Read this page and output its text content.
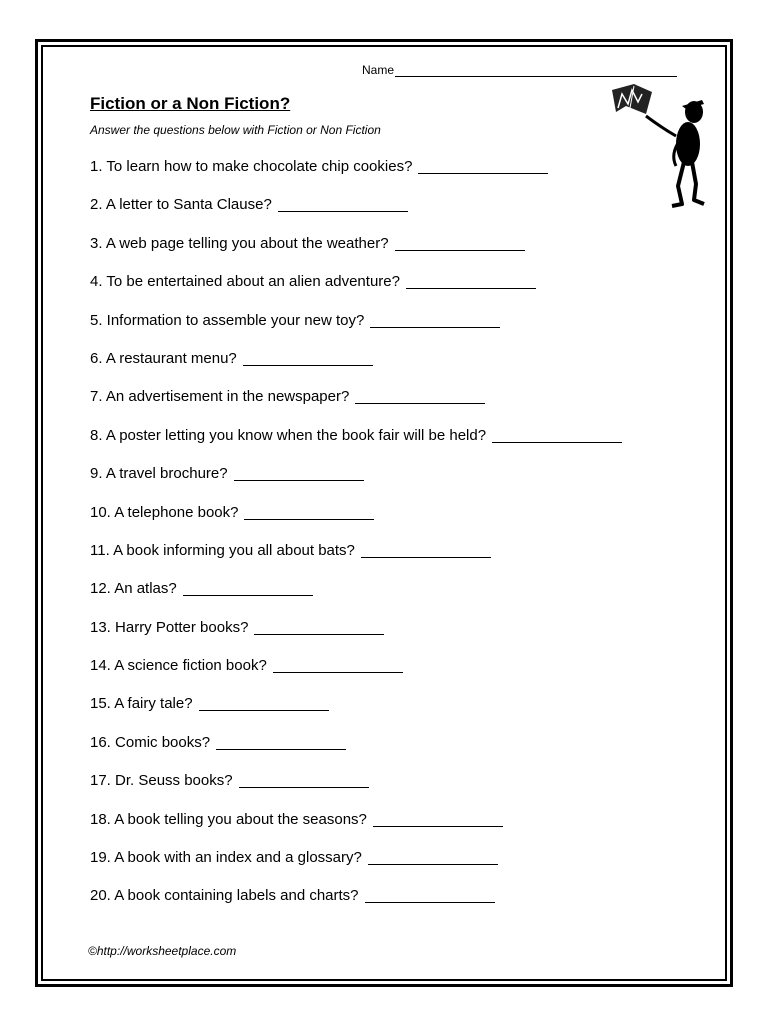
Name
Fiction or a Non Fiction?

Answer the questions below with Fiction or Non Fiction

1. To learn how to make chocolate chip cookies?
2. A letter to Santa Clause?
3. A web page telling you about the weather?
4. To be entertained about an alien adventure?
5. Information to assemble your new toy?
6. A restaurant menu?
7. An advertisement in the newspaper?
8. A poster letting you know when the book fair will be held?
9. A travel brochure?
10. A telephone book?
11. A book informing you all about bats?
12. An atlas?
13. Harry Potter books?
14. A science fiction book?
15. A fairy tale?
16. Comic books?
17. Dr. Seuss books?
18. A book telling you about the seasons?
19. A book with an index and a glossary?
20. A book containing labels and charts?
©http://worksheetplace.com
